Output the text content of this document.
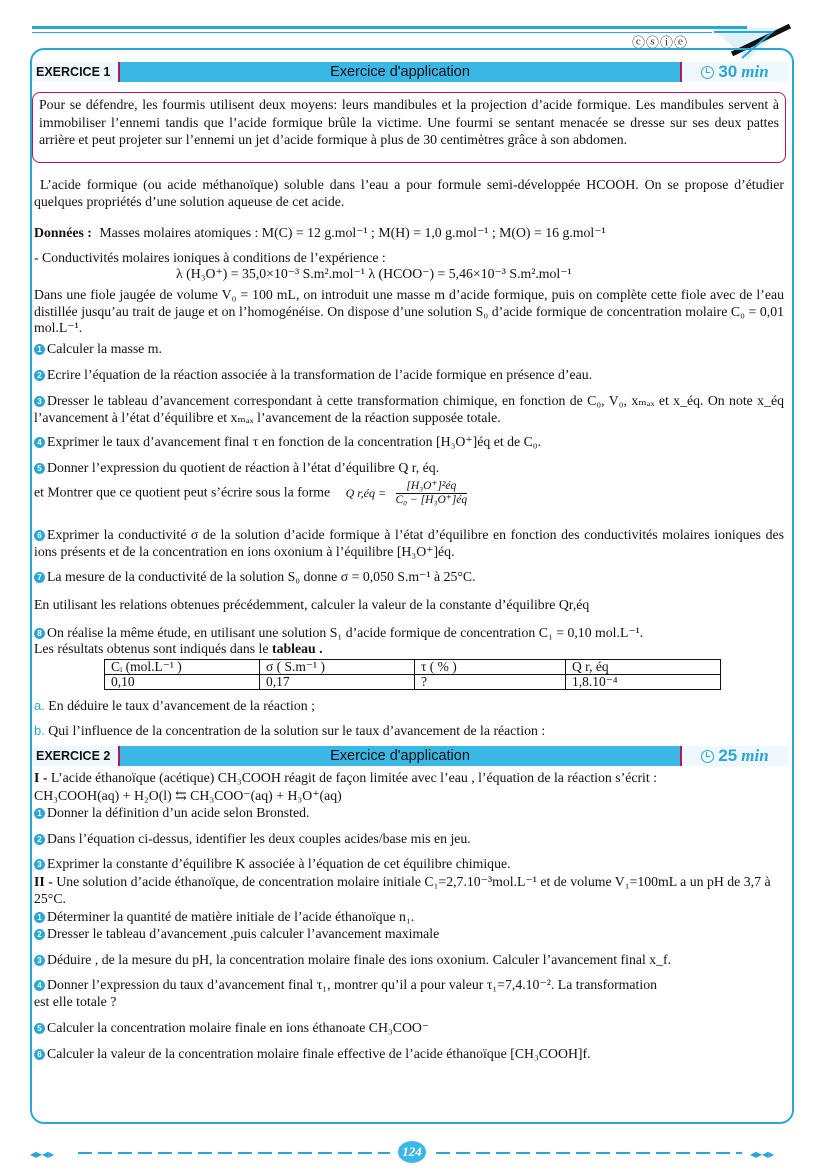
ⓒⓢⓘⓔ
EXERCICE 1	Exercice d'application	30 min
Pour se défendre, les fourmis utilisent deux moyens: leurs mandibules et la projection d’acide formique. Les mandibules servent à immobiliser l’ennemi tandis que l’acide formique brûle la victime. Une fourmi se sentant menacée se dresse sur ses deux pattes arrière et peut projeter sur l’ennemi un jet d’acide formique à plus de 30 centimètres grâce à son abdomen.
L’acide formique (ou acide méthanoïque) soluble dans l’eau a pour formule semi-développée HCOOH. On se propose d’étudier quelques propriétés d’une solution aqueuse de cet acide.
Données : Masses molaires atomiques : M(C) = 12 g.mol⁻¹ ; M(H) = 1,0 g.mol⁻¹ ; M(O) = 16 g.mol⁻¹
- Conductivités molaires ioniques à conditions de l’expérience :
λ (H₃O⁺) = 35,0×10⁻³ S.m².mol⁻¹ λ (HCOO⁻) = 5,46×10⁻³ S.m².mol⁻¹
Dans une fiole jaugée de volume V₀ = 100 mL, on introduit une masse m d’acide formique, puis on complète cette fiole avec de l’eau distillée jusqu’au trait de jauge et on l’homogénéise. On dispose d’une solution S₀ d’acide formique de concentration molaire C₀ = 0,01 mol.L⁻¹.
1 Calculer la masse m.
2 Ecrire l’équation de la réaction associée à la transformation de l’acide formique en présence d’eau.
3 Dresser le tableau d’avancement correspondant à cette transformation chimique, en fonction de C₀, V₀, xₘₐₓ et x_éq. On note x_éq l’avancement à l’état d’équilibre et xₘₐₓ l’avancement de la réaction supposée totale.
4 Exprimer le taux d’avancement final τ en fonction de la concentration [H₃O⁺]éq et de C₀.
5 Donner l’expression du quotient de réaction à l’état d’équilibre Q r, éq.
et Montrer que ce quotient peut s’écrire sous la forme Q r,éq = $\frac{\text{[H₃O⁺]²éq}}{\text{C₀ − [H₃O⁺]éq}}$
6 Exprimer la conductivité σ de la solution d’acide formique à l’état d’équilibre en fonction des conductivités molaires ioniques des ions présents et de la concentration en ions oxonium à l’équilibre [H₃O⁺]éq.
7 La mesure de la conductivité de la solution S₀ donne σ = 0,050 S.m⁻¹ à 25°C.
En utilisant les relations obtenues précédemment, calculer la valeur de la constante d’équilibre Qr,éq
8 On réalise la même étude, en utilisant une solution S₁ d’acide formique de concentration C₁ = 0,10 mol.L⁻¹.
Les résultats obtenus sont indiqués dans le tableau .
Cᵢ (mol.L⁻¹ )	σ ( S.m⁻¹ )	τ ( % )	Q r, éq
0,10	0,17	?	1,8.10⁻⁴
a. En déduire le taux d’avancement de la réaction ;
b. Qui l’influence de la concentration de la solution sur le taux d’avancement de la réaction :
EXERCICE 2	Exercice d'application	25 min
I - L’acide éthanoïque (acétique) CH₃COOH réagit de façon limitée avec l’eau , l’équation de la réaction s’écrit :
CH₃COOH(aq) + H₂O(l) ⇆ CH₃COO⁻(aq) + H₃O⁺(aq)
1 Donner la définition d’un acide selon Bronsted.
2 Dans l’équation ci-dessus, identifier les deux couples acides/base mis en jeu.
3 Exprimer la constante d’équilibre K associée à l’équation de cet équilibre chimique.
II - Une solution d’acide éthanoïque, de concentration molaire initiale C₁=2,7.10⁻³mol.L⁻¹ et de volume V₁=100mL a un pH de 3,7 à 25°C.
1 Déterminer la quantité de matière initiale de l’acide éthanoïque n₁.
2 Dresser le tableau d’avancement ,puis calculer l’avancement maximale
3 Déduire , de la mesure du pH, la concentration molaire finale des ions oxonium. Calculer l’avancement final x_f.
4 Donner l’expression du taux d’avancement final τ₁, montrer qu’il a pour valeur τ₁=7,4.10⁻². La transformation est elle totale ?
5 Calculer la concentration molaire finale en ions éthanoate CH₃COO⁻
6 Calculer la valeur de la concentration molaire finale effective de l’acide éthanoïque [CH₃COOH]f.
◂▸◂▸	124	◂▸◂▸
